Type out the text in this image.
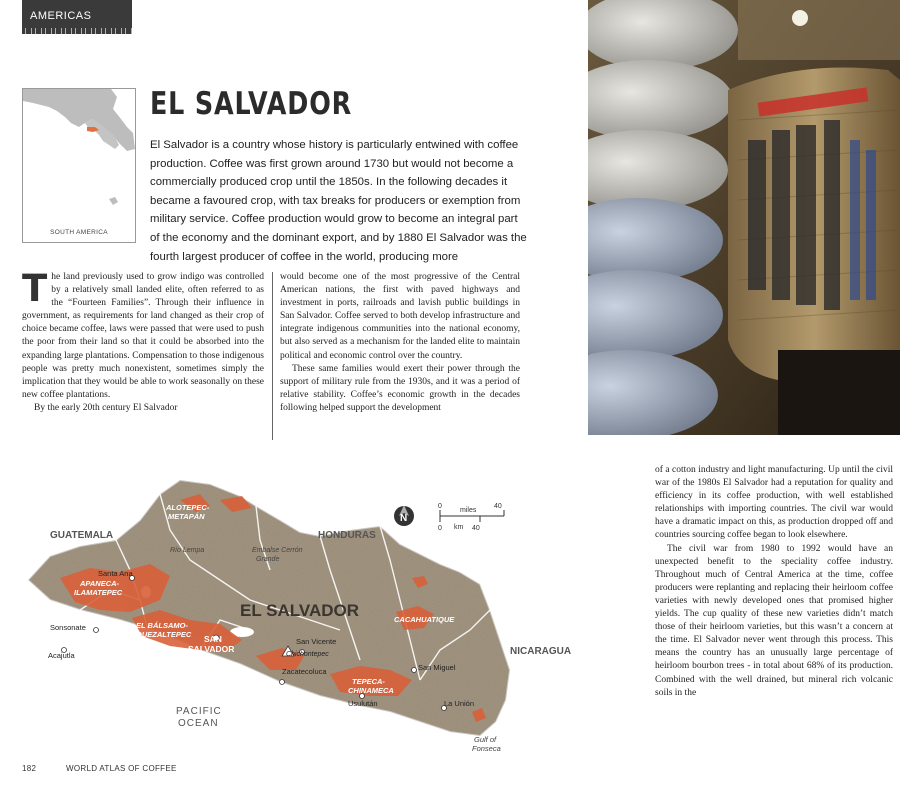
AMERICAS
SOUTH AMERICA
EL SALVADOR
El Salvador is a country whose history is particularly entwined with coffee production. Coffee was first grown around 1730 but would not become a commercially produced crop until the 1850s. In the following decades it became a favoured crop, with tax breaks for producers or exemption from military service. Coffee production would grow to become an integral part of the economy and the dominant export, and by 1880 El Salvador was the fourth largest producer of coffee in the world, producing more

The land previously used to grow indigo was controlled by a relatively small landed elite, often referred to as the “Fourteen Families”. Through their influence in government, as requirements for land changed as their crop of choice became coffee, laws were passed that were used to push the poor from their land so that it could be absorbed into the expanding large plantations. Compensation to those indigenous people was pretty much nonexistent, sometimes simply the implication that they would be able to work seasonally on these new coffee plantations.

By the early 20th century El Salvador

would become one of the most progressive of the Central American nations, the first with paved highways and investment in ports, railroads and lavish public buildings in San Salvador. Coffee served to both develop infrastructure and integrate indigenous communities into the national economy, but also served as a mechanism for the landed elite to maintain political and economic control over the country.

These same families would exert their power through the support of military rule from the 1930s, and it was a period of relative stability. Coffee’s economic growth in the decades following helped support the development

GUATEMALA	HONDURAS
NICARAGUA
PACIFIC
OCEAN
Gulf of
Fonseca
EL SALVADOR
ALOTEPEC-
METAPÁN
APANECA-
ILAMATEPEC
EL BÁLSAMO-
QUEZALTEPEC
CACAHUATIQUE
TEPECA-
CHINAMECA
SAN
SALVADOR
Santa Ana
Sonsonate
Acajutla
San Vicente
Chichontepec
Zacatecoluca
Usulután
San Miguel
La Unión
Río Lempa	Embalse Cerrón
Grande
N
0
miles
40
0 km 40

of a cotton industry and light manufacturing. Up until the civil war of the 1980s El Salvador had a reputation for quality and efficiency in its coffee production, with well established relationships with importing countries. The civil war would have a dramatic impact on this, as production dropped off and countries sourcing coffee began to look elsewhere.

The civil war from 1980 to 1992 would have an unexpected benefit to the speciality coffee industry. Throughout much of Central America at the time, coffee producers were replanting and replacing their heirloom coffee varieties with newly developed ones that promised higher yields. The cup quality of these new varieties didn’t match those of their heirloom varieties, but this wasn’t a concern at the time. El Salvador never went through this process. This means the country has an unusually large percentage of heirloom bourbon trees - in total about 68% of its production. Combined with the well drained, but mineral rich volcanic soils in the

182	WORLD ATLAS OF COFFEE
